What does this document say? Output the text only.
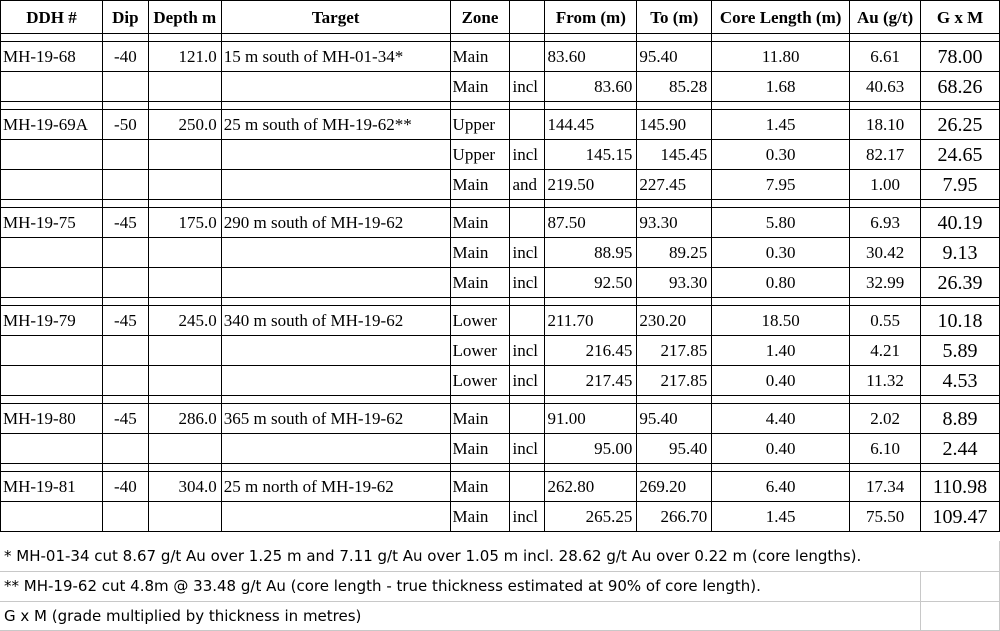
DDH #	Dip	Depth m	Target	Zone		From (m)	To (m)	Core Length (m)	Au (g/t)	G x M

MH-19-68	-40	121.0	15 m south of MH-01-34*	Main		83.60	95.40	11.80	6.61	78.00
				Main	incl	83.60	85.28	1.68	40.63	68.26

MH-19-69A	-50	250.0	25 m south of MH-19-62**	Upper		144.45	145.90	1.45	18.10	26.25
				Upper	incl	145.15	145.45	0.30	82.17	24.65
				Main	and	219.50	227.45	7.95	1.00	7.95

MH-19-75	-45	175.0	290 m south of MH-19-62	Main		87.50	93.30	5.80	6.93	40.19
				Main	incl	88.95	89.25	0.30	30.42	9.13
				Main	incl	92.50	93.30	0.80	32.99	26.39

MH-19-79	-45	245.0	340 m south of MH-19-62	Lower		211.70	230.20	18.50	0.55	10.18
				Lower	incl	216.45	217.85	1.40	4.21	5.89
				Lower	incl	217.45	217.85	0.40	11.32	4.53

MH-19-80	-45	286.0	365 m south of MH-19-62	Main		91.00	95.40	4.40	2.02	8.89
				Main	incl	95.00	95.40	0.40	6.10	2.44

MH-19-81	-40	304.0	25 m north of MH-19-62	Main		262.80	269.20	6.40	17.34	110.98
				Main	incl	265.25	266.70	1.45	75.50	109.47
* MH-01-34 cut 8.67 g/t Au over 1.25 m and 7.11 g/t Au over 1.05 m incl. 28.62 g/t Au over 0.22 m (core lengths).
** MH-19-62 cut 4.8m @ 33.48 g/t Au (core length - true thickness estimated at 90% of core length).
G x M (grade multiplied by thickness in metres)
